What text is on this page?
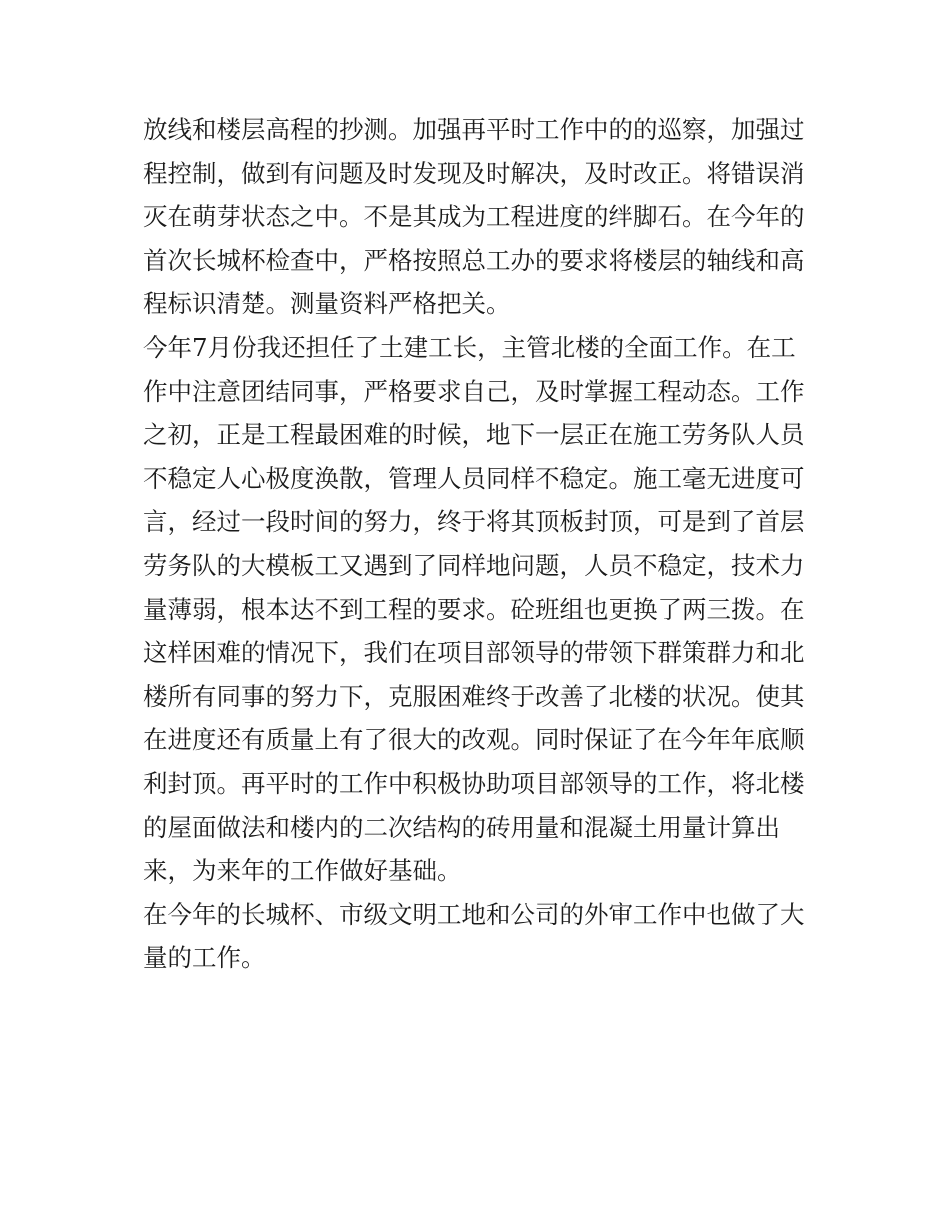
放线和楼层高程的抄测。加强再平时工作中的的巡察，加强过
程控制，做到有问题及时发现及时解决，及时改正。将错误消
灭在萌芽状态之中。不是其成为工程进度的绊脚石。在今年的
首次长城杯检查中，严格按照总工办的要求将楼层的轴线和高
程标识清楚。测量资料严格把关。
今年7月份我还担任了土建工长，主管北楼的全面工作。在工
作中注意团结同事，严格要求自己，及时掌握工程动态。工作
之初，正是工程最困难的时候，地下一层正在施工劳务队人员
不稳定人心极度涣散，管理人员同样不稳定。施工毫无进度可
言，经过一段时间的努力，终于将其顶板封顶，可是到了首层
劳务队的大模板工又遇到了同样地问题，人员不稳定，技术力
量薄弱，根本达不到工程的要求。砼班组也更换了两三拨。在
这样困难的情况下，我们在项目部领导的带领下群策群力和北
楼所有同事的努力下，克服困难终于改善了北楼的状况。使其
在进度还有质量上有了很大的改观。同时保证了在今年年底顺
利封顶。再平时的工作中积极协助项目部领导的工作，将北楼
的屋面做法和楼内的二次结构的砖用量和混凝土用量计算出
来，为来年的工作做好基础。
在今年的长城杯、市级文明工地和公司的外审工作中也做了大
量的工作。
